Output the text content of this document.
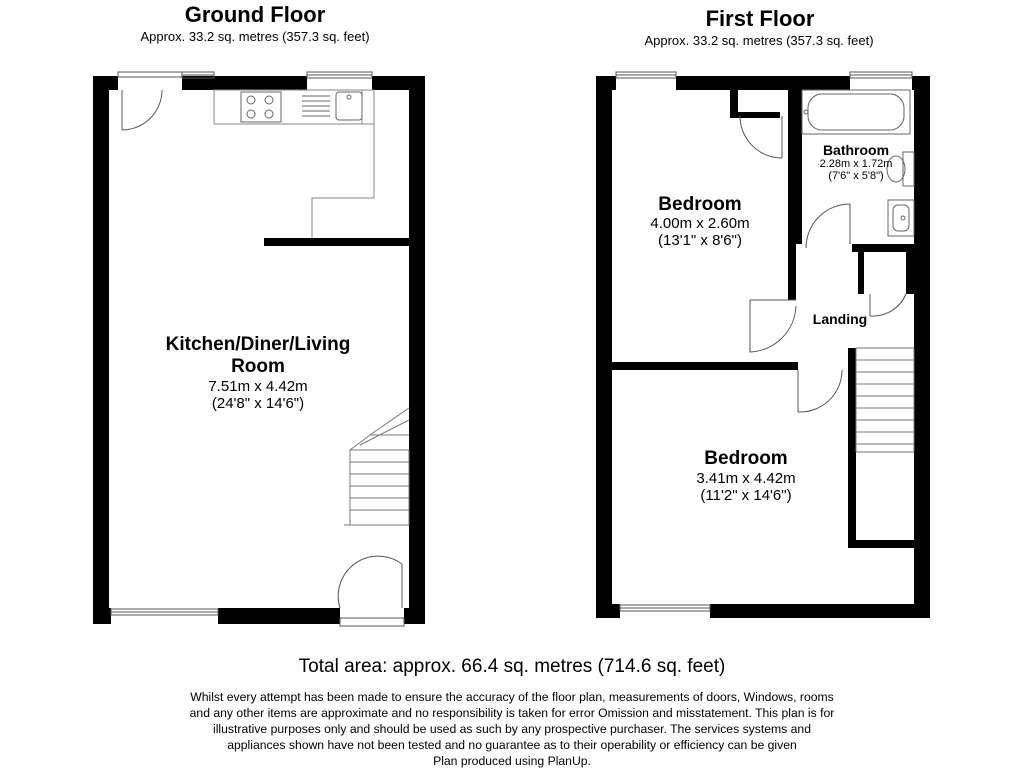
Ground Floor
Approx. 33.2 sq. metres (357.3 sq. feet)
First Floor
Approx. 33.2 sq. metres (357.3 sq. feet)
Kitchen/Diner/Living
Room
7.51m x 4.42m
(24'8" x 14'6")
Bedroom
4.00m x 2.60m
(13'1" x 8'6")
Bathroom
2.28m x 1.72m
(7'6" x 5'8")
Landing
Bedroom
3.41m x 4.42m
(11'2" x 14'6")
Total area: approx. 66.4 sq. metres (714.6 sq. feet)
Whilst every attempt has been made to ensure the accuracy of the floor plan, measurements of doors, Windows, rooms
and any other items are approximate and no responsibility is taken for error Omission and misstatement. This plan is for
illustrative purposes only and should be used as such by any prospective purchaser. The services systems and
appliances shown have not been tested and no guarantee as to their operability or efficiency can be given
Plan produced using PlanUp.
